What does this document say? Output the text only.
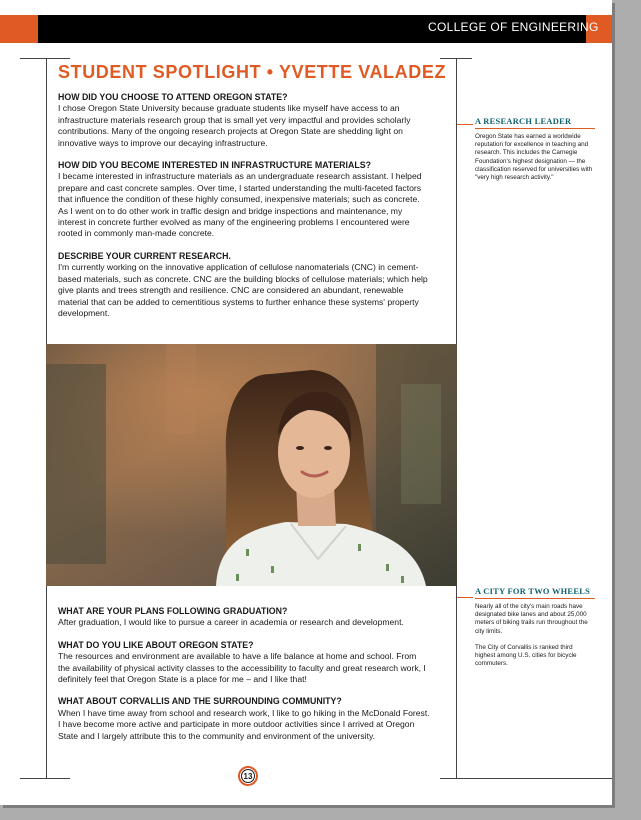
COLLEGE OF ENGINEERING
STUDENT SPOTLIGHT • YVETTE VALADEZ
HOW DID YOU CHOOSE TO ATTEND OREGON STATE?

I chose Oregon State University because graduate students like myself have access to an infrastructure materials research group that is small yet very impactful and provides scholarly contributions. Many of the ongoing research projects at Oregon State are shedding light on innovative ways to improve our decaying infrastructure.

HOW DID YOU BECOME INTERESTED IN INFRASTRUCTURE MATERIALS?

I became interested in infrastructure materials as an undergraduate research assistant. I helped prepare and cast concrete samples. Over time, I started understanding the multi-faceted factors that influence the condition of these highly consumed, inexpensive materials; such as concrete. As I went on to do other work in traffic design and bridge inspections and maintenance, my interest in concrete further evolved as many of the engineering problems I encountered were rooted in commonly man-made concrete.

DESCRIBE YOUR CURRENT RESEARCH.

I'm currently working on the innovative application of cellulose nanomaterials (CNC) in cement-based materials, such as concrete. CNC are the building blocks of cellulose materials; which help give plants and trees strength and resilience. CNC are considered an abundant, renewable material that can be added to cementitious systems to further enhance these systems' property development.

WHAT ARE YOUR PLANS FOLLOWING GRADUATION?

After graduation, I would like to pursue a career in academia or research and development.

WHAT DO YOU LIKE ABOUT OREGON STATE?

The resources and environment are available to have a life balance at home and school. From the availability of physical activity classes to the accessibility to faculty and great research work, I definitely feel that Oregon State is a place for me – and I like that!

WHAT ABOUT CORVALLIS AND THE SURROUNDING COMMUNITY?

When I have time away from school and research work, I like to go hiking in the McDonald Forest. I have become more active and participate in more outdoor activities since I arrived at Oregon State and I largely attribute this to the community and environment of the university.

A RESEARCH LEADER

Oregon State has earned a worldwide reputation for excellence in teaching and research. This includes the Carnegie Foundation's highest designation — the classification reserved for universities with "very high research activity."

A CITY FOR TWO WHEELS

Nearly all of the city's main roads have designated bike lanes and about 25,000 meters of biking trails run throughout the city limits.

The City of Corvallis is ranked third highest among U.S. cities for bicycle commuters.

13
